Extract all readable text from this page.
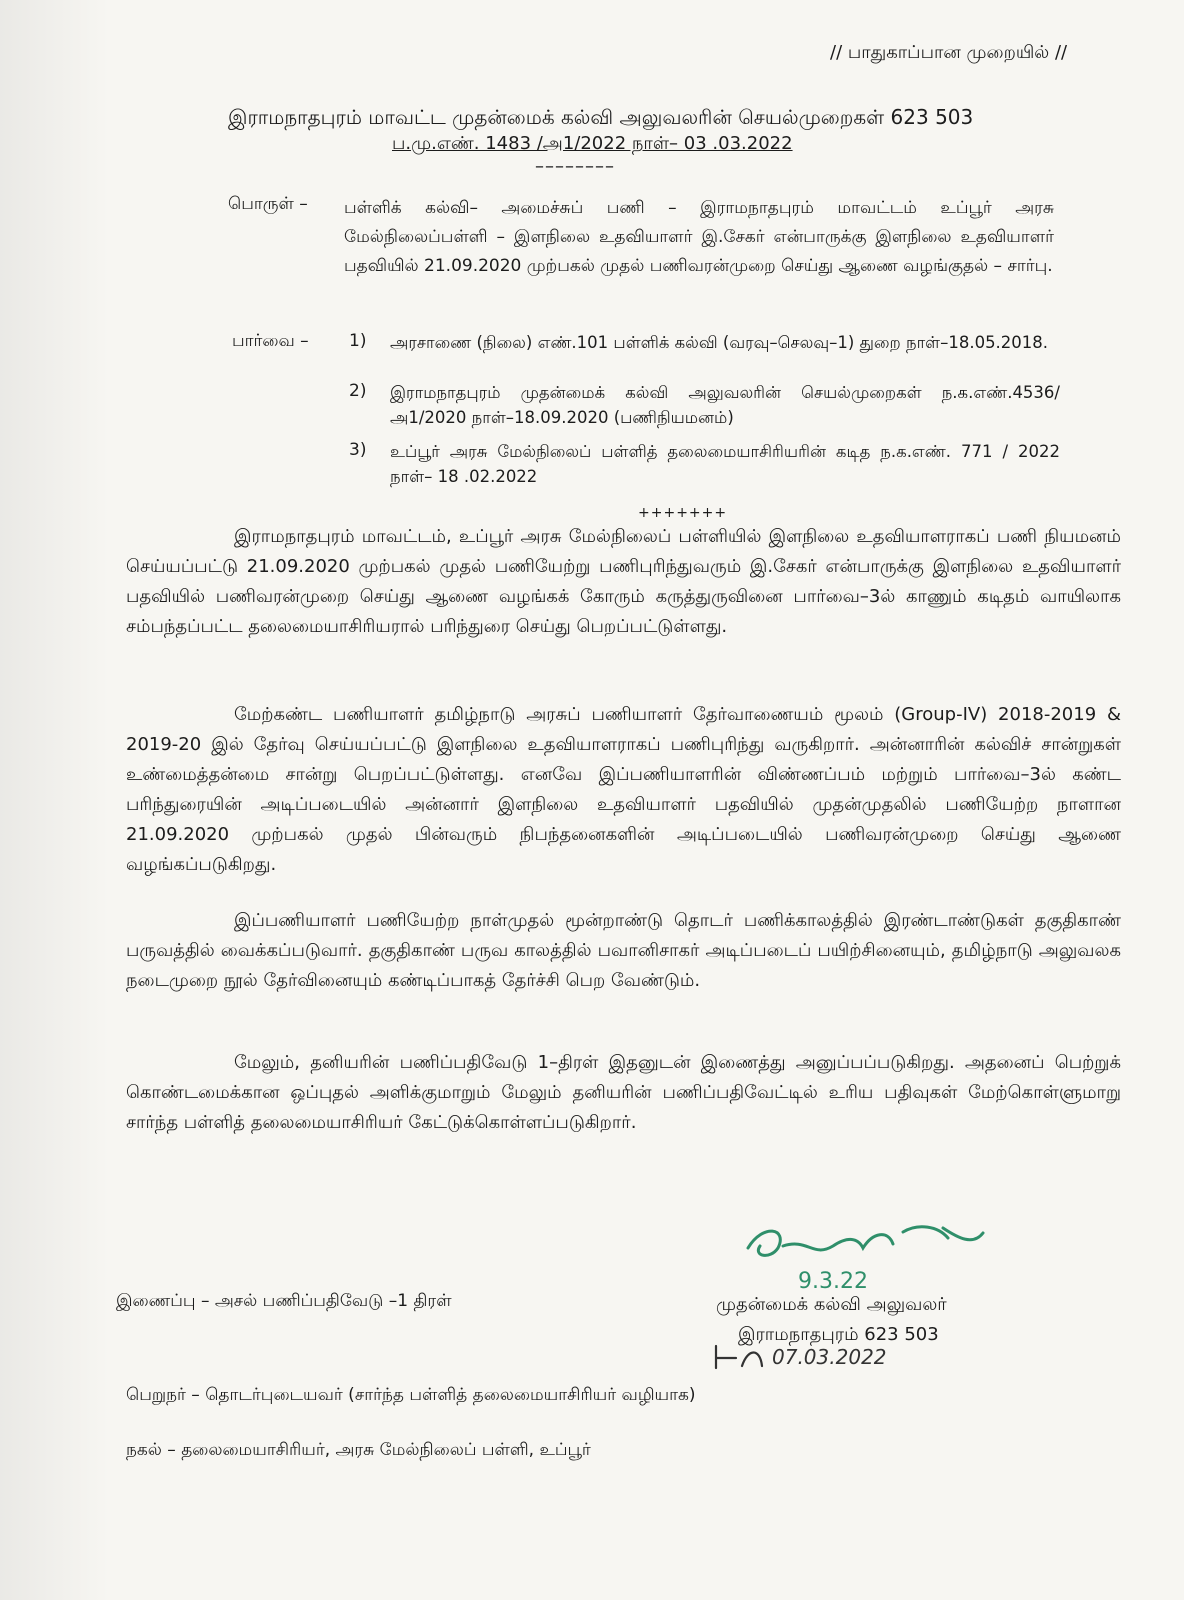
// பாதுகாப்பான முறையில் //
இராமநாதபுரம் மாவட்ட முதன்மைக் கல்வி அலுவலரின் செயல்முறைகள் 623 503
ப.மு.எண். 1483 /அ1/2022 நாள்– 03 .03.2022
––––––––
பொருள் – பள்ளிக் கல்வி– அமைச்சுப் பணி – இராமநாதபுரம் மாவட்டம் உப்பூர் அரசு மேல்நிலைப்பள்ளி – இளநிலை உதவியாளர் இ.சேகர் என்பாருக்கு இளநிலை உதவியாளர் பதவியில் 21.09.2020 முற்பகல் முதல் பணிவரன்முறை செய்து ஆணை வழங்குதல் – சார்பு.
பார்வை – 1) அரசாணை (நிலை) எண்.101 பள்ளிக் கல்வி (வரவு–செலவு–1) துறை நாள்–18.05.2018.
2) இராமநாதபுரம் முதன்மைக் கல்வி அலுவலரின் செயல்முறைகள் ந.க.எண்.4536/அ1/2020 நாள்–18.09.2020 (பணிநியமனம்)
3) உப்பூர் அரசு மேல்நிலைப் பள்ளித் தலைமையாசிரியரின் கடித ந.க.எண். 771 / 2022 நாள்– 18 .02.2022
+++++++
இராமநாதபுரம் மாவட்டம், உப்பூர் அரசு மேல்நிலைப் பள்ளியில் இளநிலை உதவியாளராகப் பணி நியமனம் செய்யப்பட்டு 21.09.2020 முற்பகல் முதல் பணியேற்று பணிபுரிந்துவரும் இ.சேகர் என்பாருக்கு இளநிலை உதவியாளர் பதவியில் பணிவரன்முறை செய்து ஆணை வழங்கக் கோரும் கருத்துருவினை பார்வை–3ல் காணும் கடிதம் வாயிலாக சம்பந்தப்பட்ட தலைமையாசிரியரால் பரிந்துரை செய்து பெறப்பட்டுள்ளது.
மேற்கண்ட பணியாளர் தமிழ்நாடு அரசுப் பணியாளர் தேர்வாணையம் மூலம் (Group-IV) 2018-2019 & 2019-20 இல் தேர்வு செய்யப்பட்டு இளநிலை உதவியாளராகப் பணிபுரிந்து வருகிறார். அன்னாரின் கல்விச் சான்றுகள் உண்மைத்தன்மை சான்று பெறப்பட்டுள்ளது. எனவே இப்பணியாளரின் விண்ணப்பம் மற்றும் பார்வை–3ல் கண்ட பரிந்துரையின் அடிப்படையில் அன்னார் இளநிலை உதவியாளர் பதவியில் முதன்முதலில் பணியேற்ற நாளான 21.09.2020 முற்பகல் முதல் பின்வரும் நிபந்தனைகளின் அடிப்படையில் பணிவரன்முறை செய்து ஆணை வழங்கப்படுகிறது.
இப்பணியாளர் பணியேற்ற நாள்முதல் மூன்றாண்டு தொடர் பணிக்காலத்தில் இரண்டாண்டுகள் தகுதிகாண் பருவத்தில் வைக்கப்படுவார். தகுதிகாண் பருவ காலத்தில் பவானிசாகர் அடிப்படைப் பயிற்சினையும், தமிழ்நாடு அலுவலக நடைமுறை நூல் தேர்வினையும் கண்டிப்பாகத் தேர்ச்சி பெற வேண்டும்.
மேலும், தனியரின் பணிப்பதிவேடு 1–திரள் இதனுடன் இணைத்து அனுப்பப்படுகிறது. அதனைப் பெற்றுக் கொண்டமைக்கான ஒப்புதல் அளிக்குமாறும் மேலும் தனியரின் பணிப்பதிவேட்டில் உரிய பதிவுகள் மேற்கொள்ளுமாறு சார்ந்த பள்ளித் தலைமையாசிரியர் கேட்டுக்கொள்ளப்படுகிறார்.
9.3.22
முதன்மைக் கல்வி அலுவலர்
இராமநாதபுரம் 623 503
07.03.2022
இணைப்பு – அசல் பணிப்பதிவேடு –1 திரள்
பெறுநர் – தொடர்புடையவர் (சார்ந்த பள்ளித் தலைமையாசிரியர் வழியாக)
நகல் – தலைமையாசிரியர், அரசு மேல்நிலைப் பள்ளி, உப்பூர்
